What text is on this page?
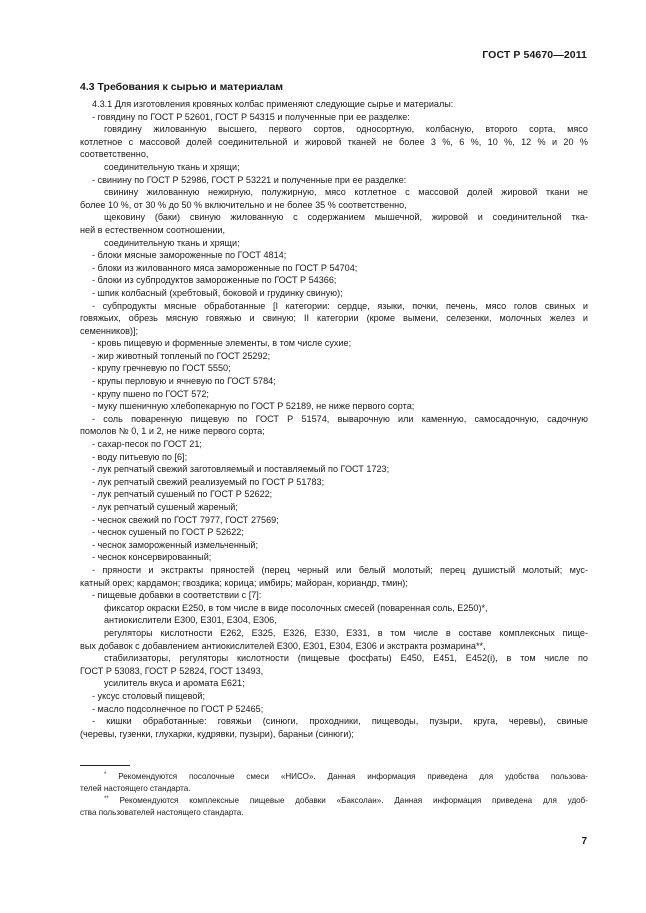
ГОСТ Р 54670—2011
4.3 Требования к сырью и материалам
4.3.1 Для изготовления кровяных колбас применяют следующие сырье и материалы:
- говядину по ГОСТ Р 52601, ГОСТ Р 54315 и полученные при ее разделке:
говядину жилованную высшего, первого сортов, односортную, колбасную, второго сорта, мясо
котлетное с массовой долей соединительной и жировой тканей не более 3 %, 6 %, 10 %, 12 % и 20 %
соответственно,
соединительную ткань и хрящи;
- свинину по ГОСТ Р 52986, ГОСТ Р 53221 и полученные при ее разделке:
свинину жилованную нежирную, полужирную, мясо котлетное с массовой долей жировой ткани не
более 10 %, от 30 % до 50 % включительно и не более 35 % соответственно,
щековину (баки) свиную жилованную с содержанием мышечной, жировой и соединительной тка-
ней в естественном соотношении,
соединительную ткань и хрящи;
- блоки мясные замороженные по ГОСТ 4814;
- блоки из жилованного мяса замороженные по ГОСТ Р 54704;
- блоки из субпродуктов замороженные по ГОСТ Р 54366;
- шпик колбасный (хребтовый, боковой и грудинку свиную);
- субпродукты мясные обработанные [I категории: сердце, языки, почки, печень, мясо голов свиных и
говяжьих, обрезь мясную говяжью и свиную; II категории (кроме вымени, селезенки, молочных желез и
семенников)];
- кровь пищевую и форменные элементы, в том числе сухие;
- жир животный топленый по ГОСТ 25292;
- крупу гречневую по ГОСТ 5550;
- крупы перловую и ячневую по ГОСТ 5784;
- крупу пшено по ГОСТ 572;
- муку пшеничную хлебопекарную по ГОСТ Р 52189, не ниже первого сорта;
- соль поваренную пищевую по ГОСТ Р 51574, выварочную или каменную, самосадочную, садочную
помолов № 0, 1 и 2, не ниже первого сорта;
- сахар-песок по ГОСТ 21;
- воду питьевую по [6];
- лук репчатый свежий заготовляемый и поставляемый по ГОСТ 1723;
- лук репчатый свежий реализуемый по ГОСТ Р 51783;
- лук репчатый сушеный по ГОСТ Р 52622;
- лук репчатый сушеный жареный;
- чеснок свежий по ГОСТ 7977, ГОСТ 27569;
- чеснок сушеный по ГОСТ Р 52622;
- чеснок замороженный измельченный;
- чеснок консервированный;
- пряности и экстракты пряностей (перец черный или белый молотый; перец душистый молотый; мус-
катный орех; кардамон; гвоздика; корица; имбирь; майоран, кориандр, тмин);
- пищевые добавки в соответствии с [7]:
фиксатор окраски Е250, в том числе в виде посолочных смесей (поваренная соль, Е250)*,
антиокислители Е300, Е301, Е304, Е306,
регуляторы кислотности Е262, Е325, Е326, Е330, Е331, в том числе в составе комплексных пище-
вых добавок с добавлением антиокислителей Е300, Е301, Е304, Е306 и экстракта розмарина**,
стабилизаторы, регуляторы кислотности (пищевые фосфаты) Е450, Е451, Е452(i), в том числе по
ГОСТ Р 53083, ГОСТ Р 52824, ГОСТ 13493,
усилитель вкуса и аромата Е621;
- уксус столовый пищевой;
- масло подсолнечное по ГОСТ Р 52465;
- кишки обработанные: говяжьи (синюги, проходники, пищеводы, пузыри, круга, черевы), свиные
(черевы, гузенки, глухарки, кудрявки, пузыри), бараньи (синюги);
* Рекомендуются посолочные смеси «НИСО». Данная информация приведена для удобства пользова-
телей настоящего стандарта.
** Рекомендуются комплексные пищевые добавки «Баксолан». Данная информация приведена для удоб-
ства пользователей настоящего стандарта.
7
